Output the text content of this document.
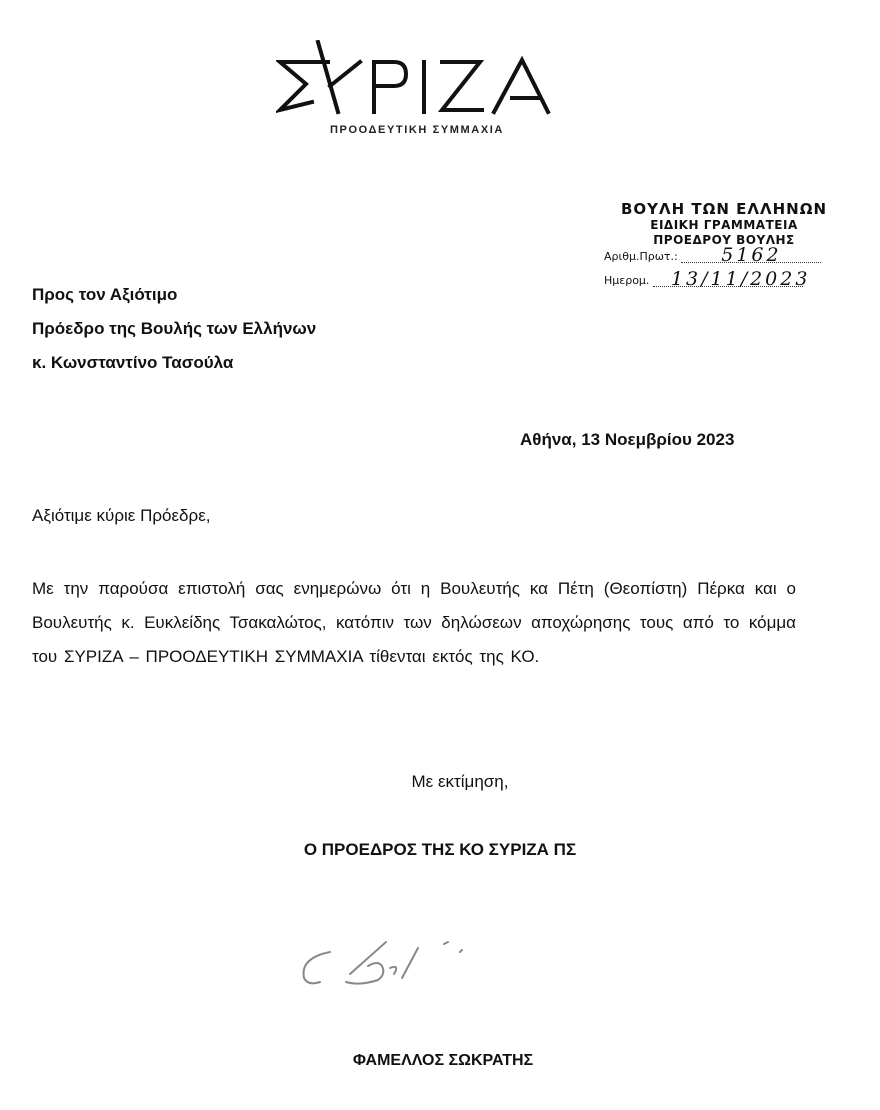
ΠΡΟΟΔΕΥΤΙΚΗ ΣΥΜΜΑΧΙΑ
ΒΟΥΛΗ ΤΩΝ ΕΛΛΗΝΩΝ
ΕΙΔΙΚΗ ΓΡΑΜΜΑΤΕΙΑ
ΠΡΟΕΔΡΟΥ ΒΟΥΛΗΣ
Αριθμ.Πρωτ.: 5162
Ημερομ. 13/11/2023
Προς τον Αξιότιμο
Πρόεδρο της Βουλής των Ελλήνων
κ. Κωνσταντίνο Τασούλα
Αθήνα, 13 Νοεμβρίου 2023
Αξιότιμε κύριε Πρόεδρε,
Με την παρούσα επιστολή σας ενημερώνω ότι η Βουλευτής κα Πέτη (Θεοπίστη) Πέρκα και ο Βουλευτής κ. Ευκλείδης Τσακαλώτος, κατόπιν των δηλώσεων αποχώρησης τους από το κόμμα του ΣΥΡΙΖΑ – ΠΡΟΟΔΕΥΤΙΚΗ ΣΥΜΜΑΧΙΑ τίθενται εκτός της ΚΟ.
Με εκτίμηση,
Ο ΠΡΟΕΔΡΟΣ ΤΗΣ ΚΟ ΣΥΡΙΖΑ ΠΣ
ΦΑΜΕΛΛΟΣ ΣΩΚΡΑΤΗΣ
